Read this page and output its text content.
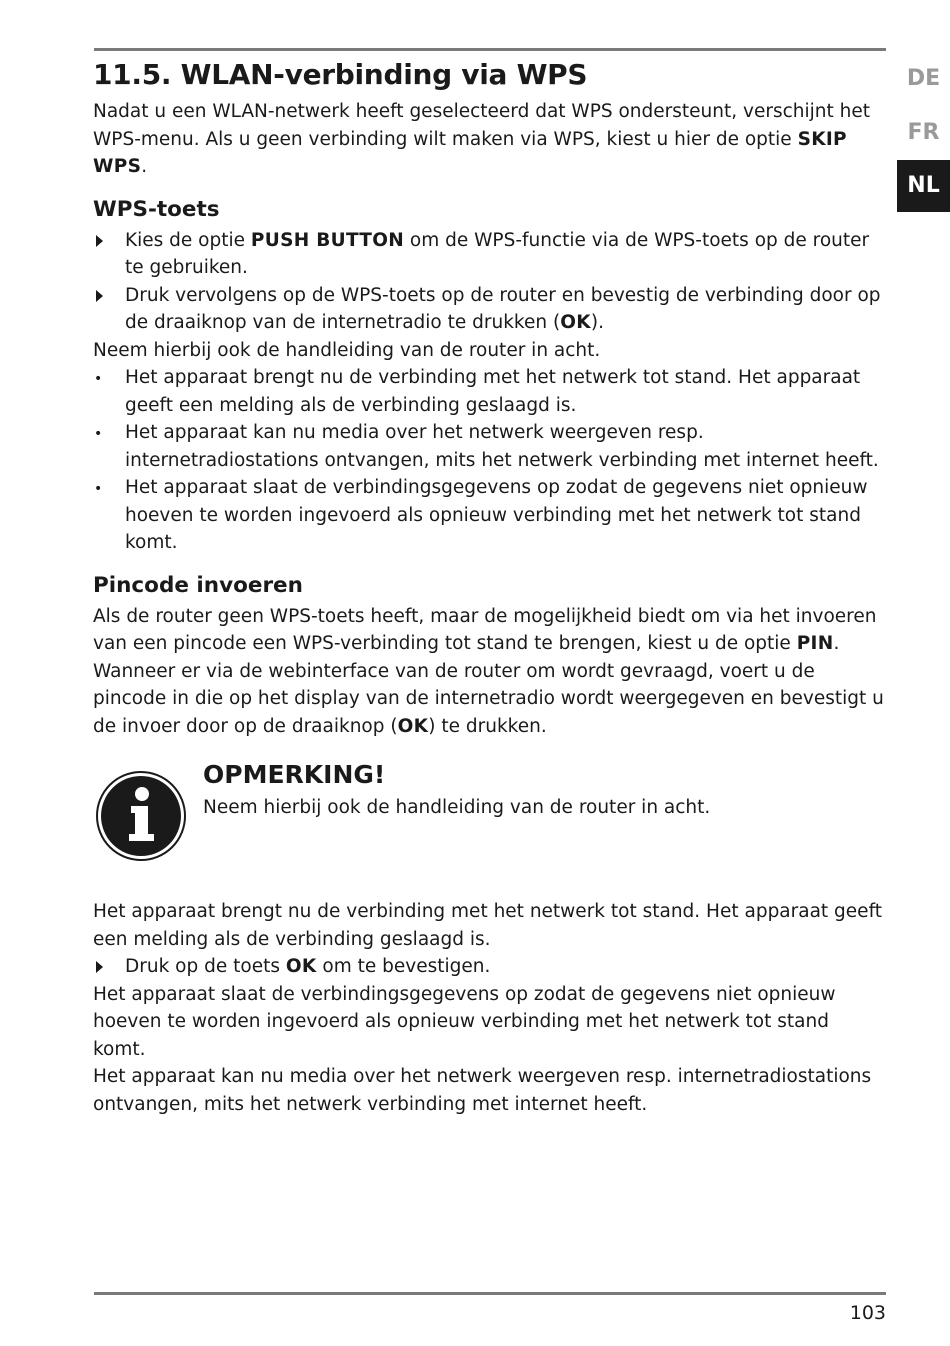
DE
FR
NL
11.5. WLAN-verbinding via WPS

Nadat u een WLAN-netwerk heeft geselecteerd dat WPS ondersteunt, verschijnt het WPS-menu. Als u geen verbinding wilt maken via WPS, kiest u hier de optie SKIP WPS.

WPS-toets
Kies de optie PUSH BUTTON om de WPS-functie via de WPS-toets op de router te gebruiken.
Druk vervolgens op de WPS-toets op de router en bevestig de verbinding door op de draaiknop van de internetradio te drukken (OK).

Neem hierbij ook de handleiding van de router in acht.

•	Het apparaat brengt nu de verbinding met het netwerk tot stand. Het apparaat geeft een melding als de verbinding geslaagd is.
•	Het apparaat kan nu media over het netwerk weergeven resp. internetradiostations ontvangen, mits het netwerk verbinding met internet heeft.
•	Het apparaat slaat de verbindingsgegevens op zodat de gegevens niet opnieuw hoeven te worden ingevoerd als opnieuw verbinding met het netwerk tot stand komt.
Pincode invoeren

Als de router geen WPS-toets heeft, maar de mogelijkheid biedt om via het invoeren van een pincode een WPS-verbinding tot stand te brengen, kiest u de optie PIN.

Wanneer er via de webinterface van de router om wordt gevraagd, voert u de pincode in die op het display van de internetradio wordt weergegeven en bevestigt u de invoer door op de draaiknop (OK) te drukken.

OPMERKING!
Neem hierbij ook de handleiding van de router in acht.

Het apparaat brengt nu de verbinding met het netwerk tot stand. Het apparaat geeft een melding als de verbinding geslaagd is.

Druk op de toets OK om te bevestigen.

Het apparaat slaat de verbindingsgegevens op zodat de gegevens niet opnieuw hoeven te worden ingevoerd als opnieuw verbinding met het netwerk tot stand komt.

Het apparaat kan nu media over het netwerk weergeven resp. internetradiostations ontvangen, mits het netwerk verbinding met internet heeft.

103
